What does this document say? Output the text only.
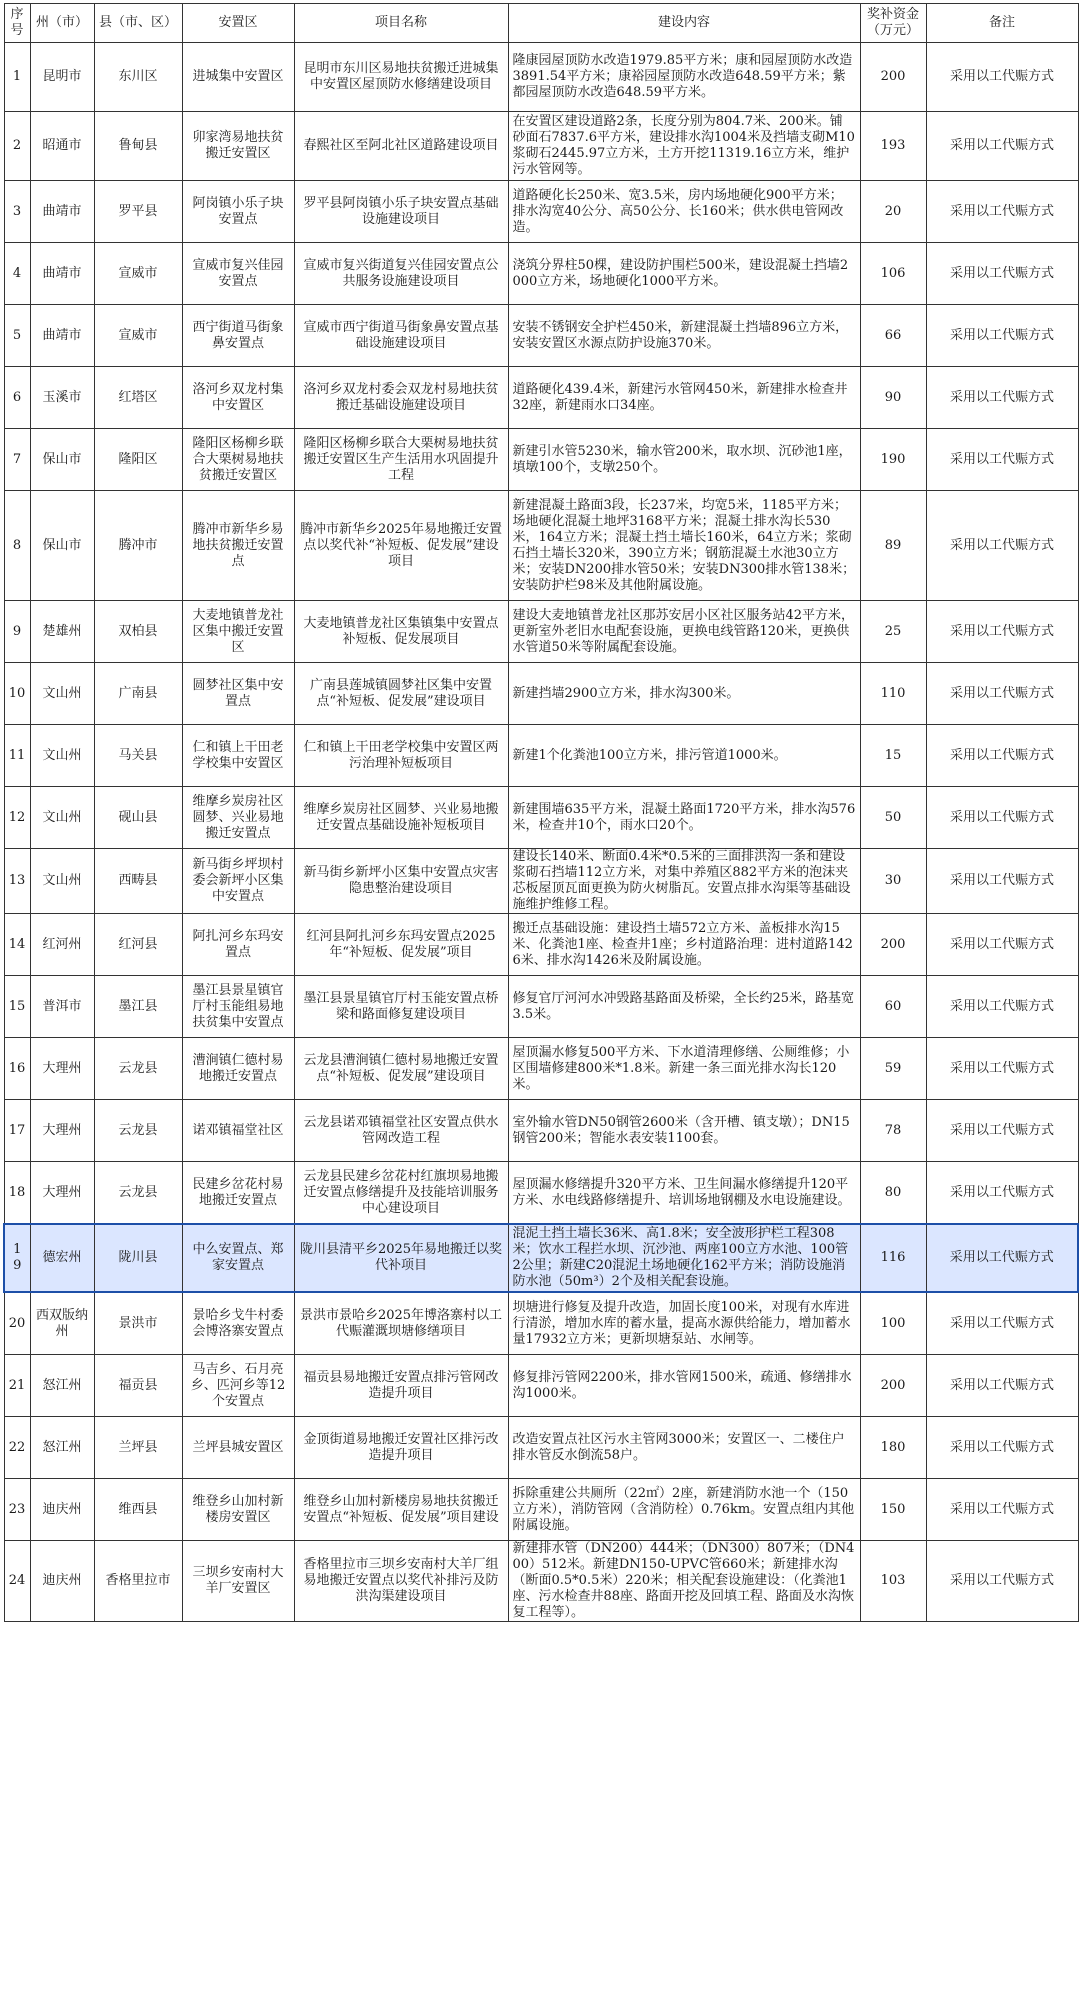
序号	州（市）	县（市、区）	安置区	项目名称	建设内容	奖补资金（万元）	备注
1	昆明市	东川区	进城集中安置区	昆明市东川区易地扶贫搬迁进城集中安置区屋顶防水修缮建设项目	隆康园屋顶防水改造1979.85平方米；康和园屋顶防水改造3891.54平方米；康裕园屋顶防水改造648.59平方米；紫都园屋顶防水改造648.59平方米。	200	采用以工代赈方式
2	昭通市	鲁甸县	卯家湾易地扶贫搬迁安置区	春熙社区至阿北社区道路建设项目	在安置区建设道路2条，长度分别为804.7米、200米。铺砂面石7837.6平方米，建设排水沟1004米及挡墙支砌M10浆砌石2445.97立方米，土方开挖11319.16立方米，维护污水管网等。	193	采用以工代赈方式
3	曲靖市	罗平县	阿岗镇小乐子块安置点	罗平县阿岗镇小乐子块安置点基础设施建设项目	道路硬化长250米、宽3.5米，房内场地硬化900平方米；排水沟宽40公分、高50公分、长160米；供水供电管网改造。	20	采用以工代赈方式
4	曲靖市	宣威市	宣威市复兴佳园安置点	宣威市复兴街道复兴佳园安置点公共服务设施建设项目	浇筑分界柱50棵，建设防护围栏500米，建设混凝土挡墙2000立方米，场地硬化1000平方米。	106	采用以工代赈方式
5	曲靖市	宣威市	西宁街道马街象鼻安置点	宣威市西宁街道马街象鼻安置点基础设施建设项目	安装不锈钢安全护栏450米，新建混凝土挡墙896立方米，安装安置区水源点防护设施370米。	66	采用以工代赈方式
6	玉溪市	红塔区	洛河乡双龙村集中安置区	洛河乡双龙村委会双龙村易地扶贫搬迁基础设施建设项目	道路硬化439.4米，新建污水管网450米，新建排水检查井32座，新建雨水口34座。	90	采用以工代赈方式
7	保山市	隆阳区	隆阳区杨柳乡联合大栗树易地扶贫搬迁安置区	隆阳区杨柳乡联合大栗树易地扶贫搬迁安置区生产生活用水巩固提升工程	新建引水管5230米，输水管200米，取水坝、沉砂池1座，填墩100个，支墩250个。	190	采用以工代赈方式
8	保山市	腾冲市	腾冲市新华乡易地扶贫搬迁安置点	腾冲市新华乡2025年易地搬迁安置点以奖代补“补短板、促发展”建设项目	新建混凝土路面3段，长237米，均宽5米，1185平方米；场地硬化混凝土地坪3168平方米；混凝土排水沟长530米，164立方米；混凝土挡土墙长160米，64立方米；浆砌石挡土墙长320米，390立方米；钢筋混凝土水池30立方米；安装DN200排水管50米；安装DN300排水管138米；安装防护栏98米及其他附属设施。	89	采用以工代赈方式
9	楚雄州	双柏县	大麦地镇普龙社区集中搬迁安置区	大麦地镇普龙社区集镇集中安置点补短板、促发展项目	建设大麦地镇普龙社区那苏安居小区社区服务站42平方米，更新室外老旧水电配套设施，更换电线管路120米，更换供水管道50米等附属配套设施。	25	采用以工代赈方式
10	文山州	广南县	圆梦社区集中安置点	广南县莲城镇圆梦社区集中安置点“补短板、促发展”建设项目	新建挡墙2900立方米，排水沟300米。	110	采用以工代赈方式
11	文山州	马关县	仁和镇上干田老学校集中安置区	仁和镇上干田老学校集中安置区两污治理补短板项目	新建1个化粪池100立方米，排污管道1000米。	15	采用以工代赈方式
12	文山州	砚山县	维摩乡炭房社区圆梦、兴业易地搬迁安置点	维摩乡炭房社区圆梦、兴业易地搬迁安置点基础设施补短板项目	新建围墙635平方米，混凝土路面1720平方米，排水沟576米，检查井10个，雨水口20个。	50	采用以工代赈方式
13	文山州	西畴县	新马街乡坪坝村委会新坪小区集中安置点	新马街乡新坪小区集中安置点灾害隐患整治建设项目	建设长140米、断面0.4米*0.5米的三面排洪沟一条和建设浆砌石挡墙112立方米，对集中养殖区882平方米的泡沫夹芯板屋顶瓦面更换为防火树脂瓦。安置点排水沟渠等基础设施维护维修工程。	30	采用以工代赈方式
14	红河州	红河县	阿扎河乡东玛安置点	红河县阿扎河乡东玛安置点2025年“补短板、促发展”项目	搬迁点基础设施：建设挡土墙572立方米、盖板排水沟15米、化粪池1座、检查井1座；乡村道路治理：进村道路1426米、排水沟1426米及附属设施。	200	采用以工代赈方式
15	普洱市	墨江县	墨江县景星镇官厅村玉能组易地扶贫集中安置点	墨江县景星镇官厅村玉能安置点桥梁和路面修复建设项目	修复官厅河河水冲毁路基路面及桥梁，全长约25米，路基宽3.5米。	60	采用以工代赈方式
16	大理州	云龙县	漕涧镇仁德村易地搬迁安置点	云龙县漕涧镇仁德村易地搬迁安置点“补短板、促发展”建设项目	屋顶漏水修复500平方米、下水道清理修缮、公厕维修；小区围墙修建800米*1.8米。新建一条三面光排水沟长120米。	59	采用以工代赈方式
17	大理州	云龙县	诺邓镇福堂社区	云龙县诺邓镇福堂社区安置点供水管网改造工程	室外输水管DN50钢管2600米（含开槽、镇支墩）；DN15钢管200米；智能水表安装1100套。	78	采用以工代赈方式
18	大理州	云龙县	民建乡岔花村易地搬迁安置点	云龙县民建乡岔花村红旗坝易地搬迁安置点修缮提升及技能培训服务中心建设项目	屋顶漏水修缮提升320平方米、卫生间漏水修缮提升120平方米、水电线路修缮提升、培训场地钢棚及水电设施建设。	80	采用以工代赈方式
19	德宏州	陇川县	中么安置点、郑家安置点	陇川县清平乡2025年易地搬迁以奖代补项目	混泥土挡土墙长36米、高1.8米；安全波形护栏工程308米；饮水工程拦水坝、沉沙池、两座100立方水池、100管2公里；新建C20混泥土场地硬化162平方米；消防设施消防水池（50m³）2个及相关配套设施。	116	采用以工代赈方式
20	西双版纳州	景洪市	景哈乡戈牛村委会博洛寨安置点	景洪市景哈乡2025年博洛寨村以工代赈灌溉坝塘修缮项目	坝塘进行修复及提升改造，加固长度100米，对现有水库进行清淤，增加水库的蓄水量，提高水源供给能力，增加蓄水量17932立方米；更新坝塘泵站、水闸等。	100	采用以工代赈方式
21	怒江州	福贡县	马吉乡、石月亮乡、匹河乡等12个安置点	福贡县易地搬迁安置点排污管网改造提升项目	修复排污管网2200米，排水管网1500米，疏通、修缮排水沟1000米。	200	采用以工代赈方式
22	怒江州	兰坪县	兰坪县城安置区	金顶街道易地搬迁安置社区排污改造提升项目	改造安置点社区污水主管网3000米；安置区一、二楼住户排水管反水倒流58户。	180	采用以工代赈方式
23	迪庆州	维西县	维登乡山加村新楼房安置区	维登乡山加村新楼房易地扶贫搬迁安置点“补短板、促发展”项目建设	拆除重建公共厕所（22㎡）2座，新建消防水池一个（150立方米），消防管网（含消防栓）0.76km。安置点组内其他附属设施。	150	采用以工代赈方式
24	迪庆州	香格里拉市	三坝乡安南村大羊厂安置区	香格里拉市三坝乡安南村大羊厂组易地搬迁安置点以奖代补排污及防洪沟渠建设项目	新建排水管（DN200）444米；（DN300）807米；（DN400）512米。新建DN150-UPVC管660米；新建排水沟（断面0.5*0.5米）220米；相关配套设施建设：（化粪池1座、污水检查井88座、路面开挖及回填工程、路面及水沟恢复工程等）。	103	采用以工代赈方式
